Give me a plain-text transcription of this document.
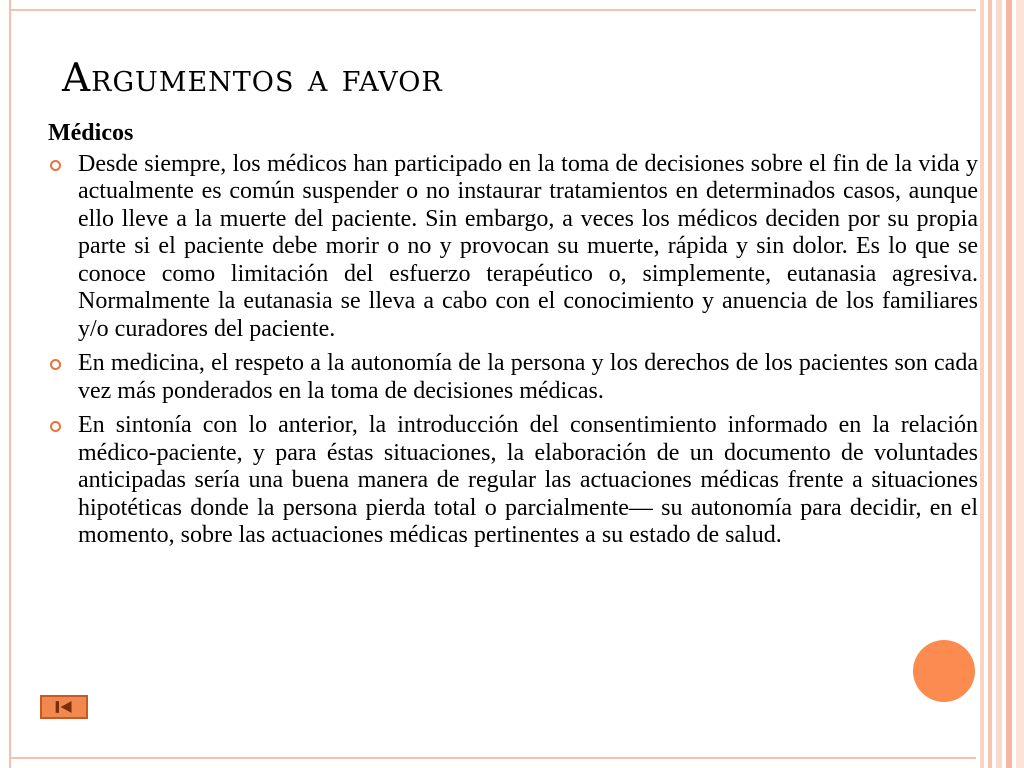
Argumentos a favor
Médicos
Desde siempre, los médicos han participado en la toma de decisiones sobre el fin de la vida y actualmente es común suspender o no instaurar tratamientos en determinados casos, aunque ello lleve a la muerte del paciente. Sin embargo, a veces los médicos deciden por su propia parte si el paciente debe morir o no y provocan su muerte, rápida y sin dolor. Es lo que se conoce como limitación del esfuerzo terapéutico o, simplemente, eutanasia agresiva. Normalmente la eutanasia se lleva a cabo con el conocimiento y anuencia de los familiares y/o curadores del paciente.
En medicina, el respeto a la autonomía de la persona y los derechos de los pacientes son cada vez más ponderados en la toma de decisiones médicas.
En sintonía con lo anterior, la introducción del consentimiento informado en la relación médico-paciente, y para éstas situaciones, la elaboración de un documento de voluntades anticipadas sería una buena manera de regular las actuaciones médicas frente a situaciones hipotéticas donde la persona pierda total o parcialmente— su autonomía para decidir, en el momento, sobre las actuaciones médicas pertinentes a su estado de salud.
